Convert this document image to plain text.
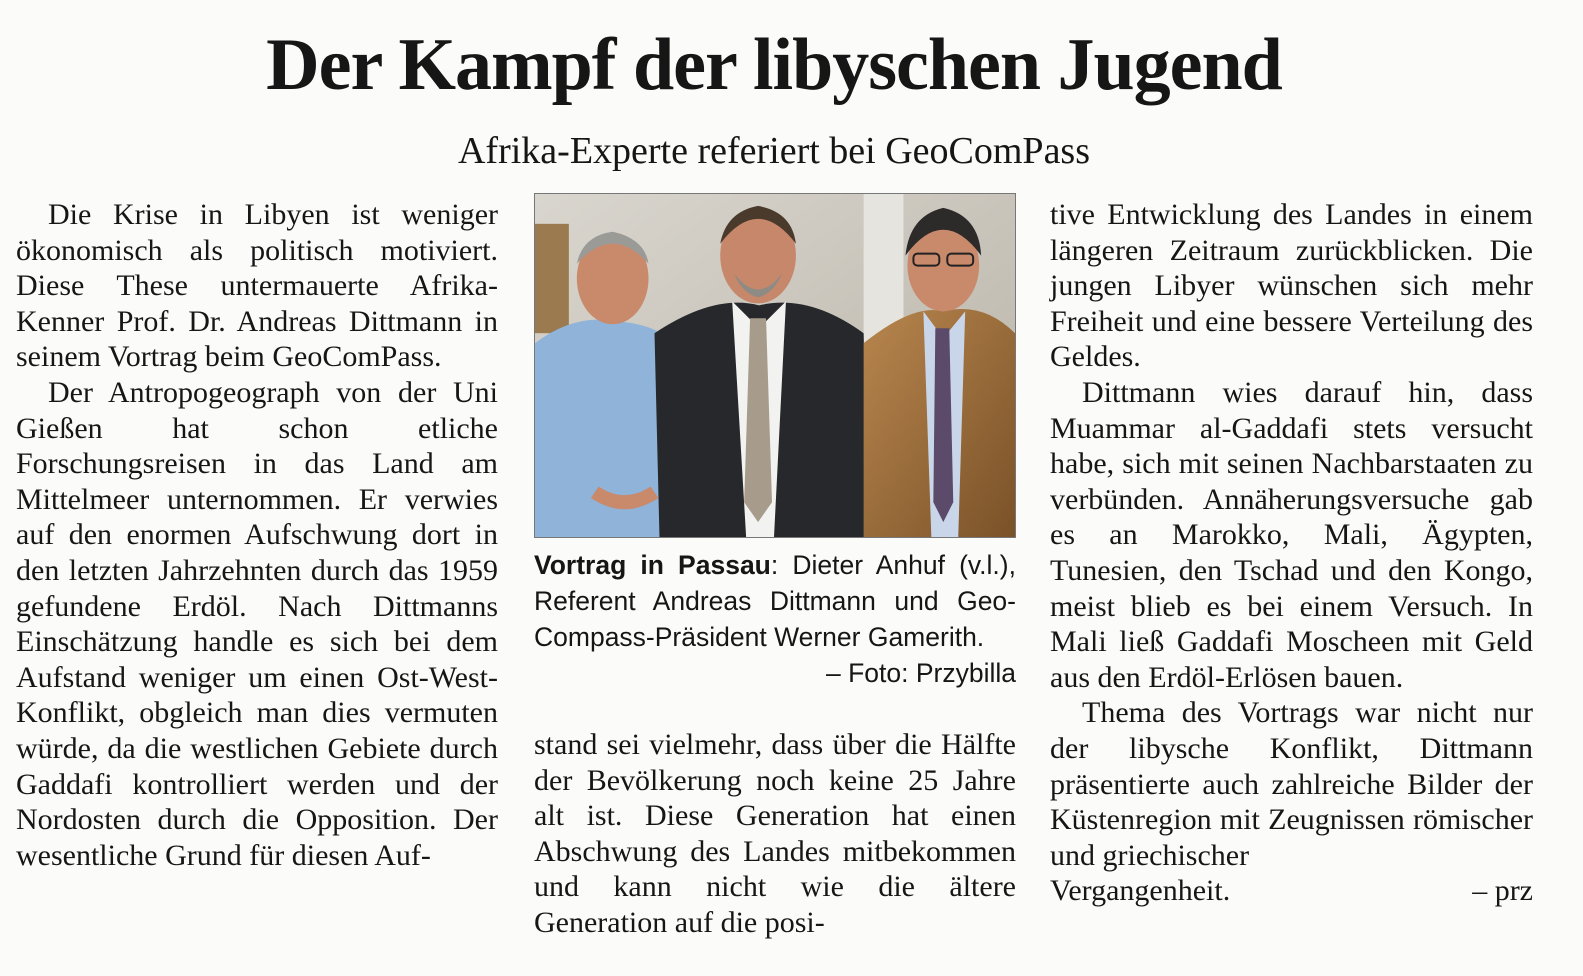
Der Kampf der libyschen Jugend
Afrika-Experte referiert bei GeoComPass

Die Krise in Libyen ist weniger ökonomisch als politisch motiviert. Diese These untermauerte Afrika-Kenner Prof. Dr. Andreas Dittmann in seinem Vortrag beim GeoComPass.

Der Antropogeograph von der Uni Gießen hat schon etliche Forschungsreisen in das Land am Mittelmeer unternommen. Er verwies auf den enormen Aufschwung dort in den letzten Jahrzehnten durch das 1959 gefundene Erdöl. Nach Dittmanns Einschätzung handle es sich bei dem Aufstand weniger um einen Ost-West-Konflikt, obgleich man dies vermuten würde, da die westlichen Gebiete durch Gaddafi kontrolliert werden und der Nordosten durch die Opposition. Der wesentliche Grund für diesen Auf-

Vortrag in Passau: Dieter Anhuf (v.l.), Referent Andreas Dittmann und Geo-Compass-Präsident Werner Gamerith.
– Foto: Przybilla

stand sei vielmehr, dass über die Hälfte der Bevölkerung noch keine 25 Jahre alt ist. Diese Generation hat einen Abschwung des Landes mitbekommen und kann nicht wie die ältere Generation auf die posi-

tive Entwicklung des Landes in einem längeren Zeitraum zurückblicken. Die jungen Libyer wünschen sich mehr Freiheit und eine bessere Verteilung des Geldes.

Dittmann wies darauf hin, dass Muammar al-Gaddafi stets versucht habe, sich mit seinen Nachbarstaaten zu verbünden. Annäherungsversuche gab es an Marokko, Mali, Ägypten, Tunesien, den Tschad und den Kongo, meist blieb es bei einem Versuch. In Mali ließ Gaddafi Moscheen mit Geld aus den Erdöl-Erlösen bauen.

Thema des Vortrags war nicht nur der libysche Konflikt, Dittmann präsentierte auch zahlreiche Bilder der Küstenregion mit Zeugnissen römischer und griechischer

Vergangenheit.	– prz
